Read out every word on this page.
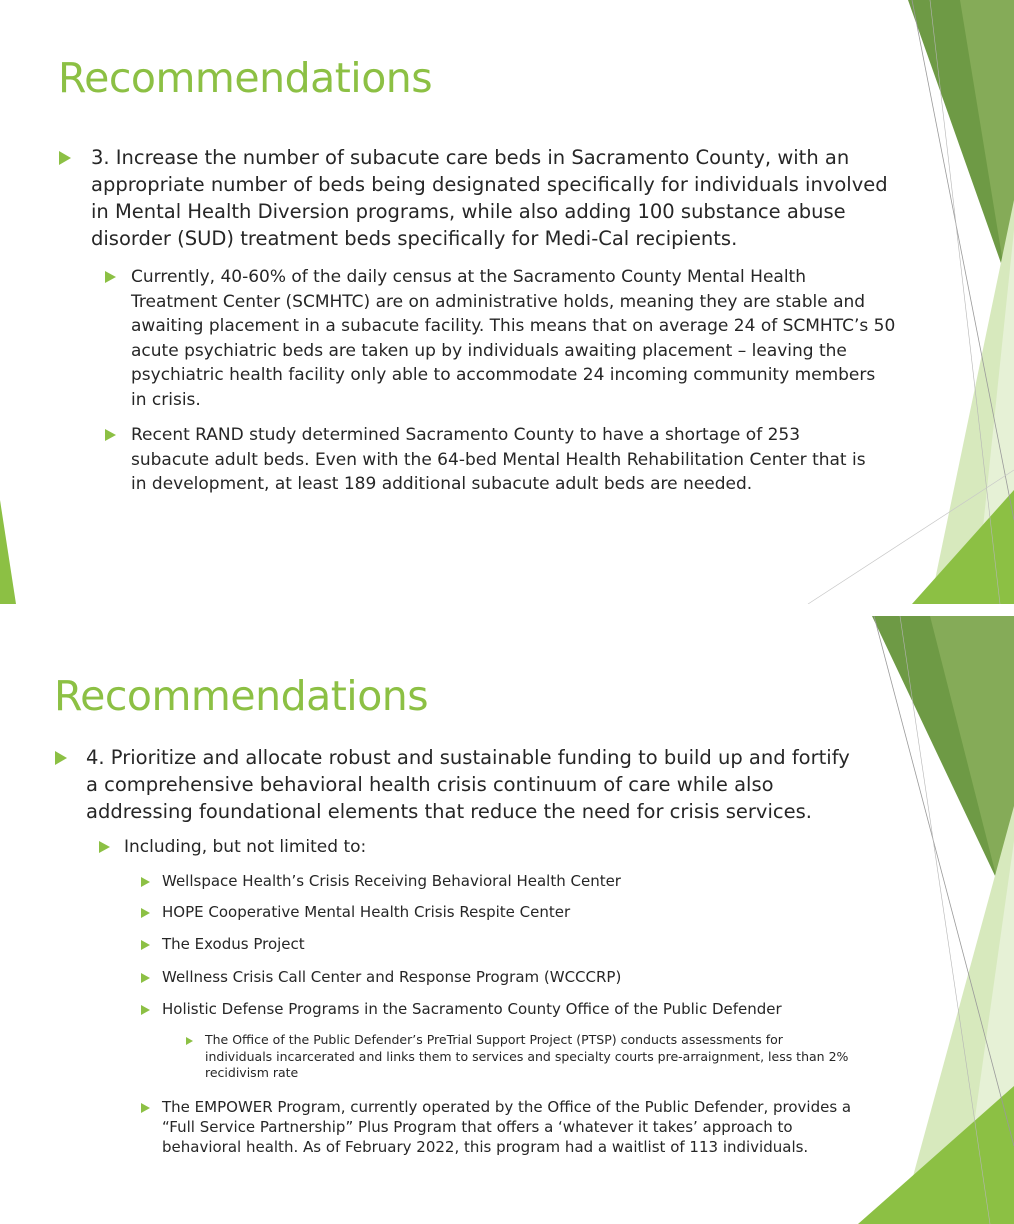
Recommendations
3. Increase the number of subacute care beds in Sacramento County, with an appropriate number of beds being designated specifically for individuals involved in Mental Health Diversion programs, while also adding 100 substance abuse disorder (SUD) treatment beds specifically for Medi-Cal recipients.
Currently, 40-60% of the daily census at the Sacramento County Mental Health Treatment Center (SCMHTC) are on administrative holds, meaning they are stable and awaiting placement in a subacute facility. This means that on average 24 of SCMHTC’s 50 acute psychiatric beds are taken up by individuals awaiting placement – leaving the psychiatric health facility only able to accommodate 24 incoming community members in crisis.
Recent RAND study determined Sacramento County to have a shortage of 253 subacute adult beds. Even with the 64-bed Mental Health Rehabilitation Center that is in development, at least 189 additional subacute adult beds are needed.
Recommendations
4. Prioritize and allocate robust and sustainable funding to build up and fortify a comprehensive behavioral health crisis continuum of care while also addressing foundational elements that reduce the need for crisis services.
Including, but not limited to:
Wellspace Health’s Crisis Receiving Behavioral Health Center
HOPE Cooperative Mental Health Crisis Respite Center
The Exodus Project
Wellness Crisis Call Center and Response Program (WCCCRP)
Holistic Defense Programs in the Sacramento County Office of the Public Defender
The Office of the Public Defender’s PreTrial Support Project (PTSP) conducts assessments for individuals incarcerated and links them to services and specialty courts pre-arraignment, less than 2% recidivism rate
The EMPOWER Program, currently operated by the Office of the Public Defender, provides a “Full Service Partnership” Plus Program that offers a ‘whatever it takes’ approach to behavioral health. As of February 2022, this program had a waitlist of 113 individuals.
